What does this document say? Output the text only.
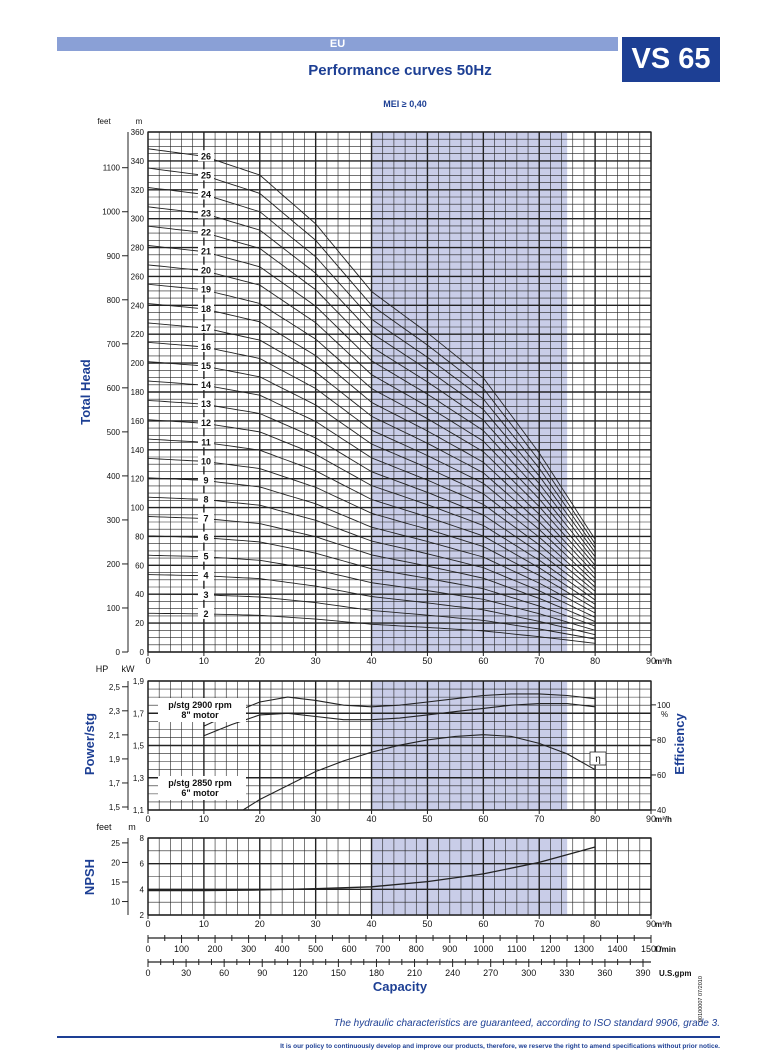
EU	VS 65
Performance curves 50Hz
MEI ≥ 0,40
0
20
40
60
80
100
120
140
160
180
200
220
240
260
280
300
320
340
360
0
100
200
300
400
500
600
700
800
900
1000
1100
feet	m
Total Head
0	10	20	30	40	50	60	70	80	90
m³/h
2
3
4
5
6
7
8
9
10
11
12
13
14
15
16
17
18
19
20
21
22
23
24
25
26
1,1
1,3
1,5
1,7
1,9
1,5
1,7
1,9
2,1
2,3
2,5
HP kW
Power/stg	Efficiency
40
60
80
100
%
0	10	20	30	40	50	60	70	80	90
m³/h
p/stg 2900 rpm
8" motor
p/stg 2850 rpm
6" motor
η
2
4
6
8
10
15
20
25
feet m
NPSH
0	10	20	30	40	50	60	70	80	90
m³/h
0	100 200 300 400 500 600 700 800 900 1000 1100 1200 1300 1400 1500
l /min
0	30	60	90	120	150	180	210	240	270	300	330	360	390 U.S.gpm
Capacity
The hydraulic characteristics are guaranteed, according to ISO standard 9906, grade 3.
It is our policy to continuously develop and improve our products, therefore, we reserve the right to amend specifications without prior notice.
00100007 07/2010
